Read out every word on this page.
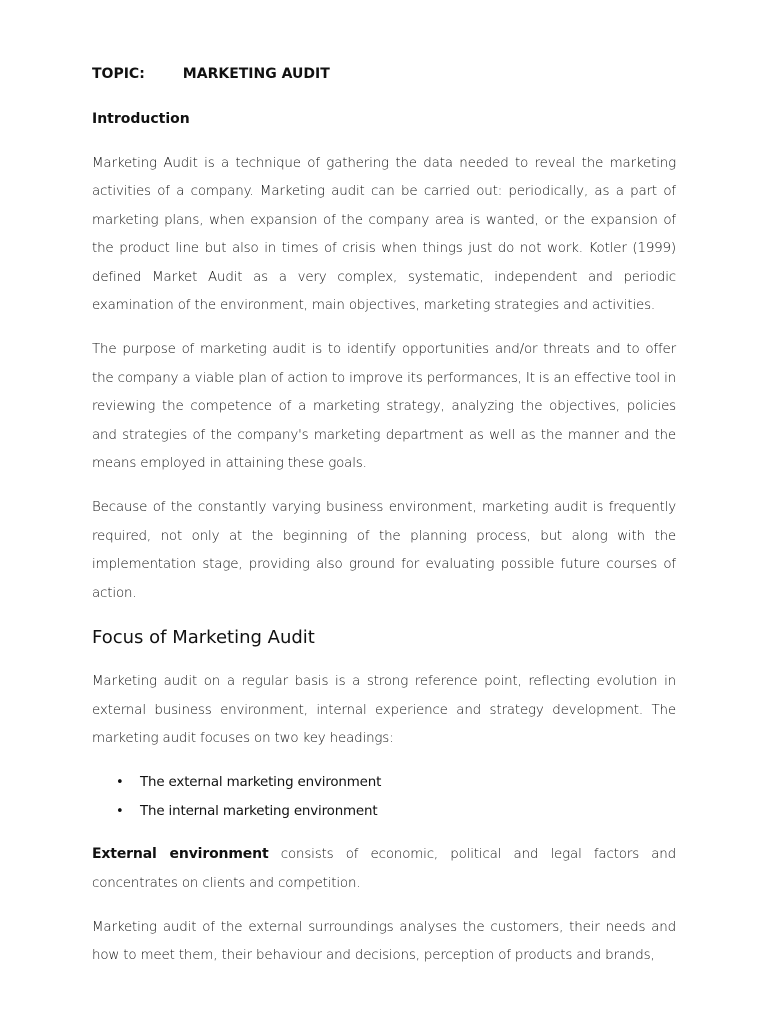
TOPIC:	MARKETING AUDIT
Introduction

Marketing Audit is a technique of gathering the data needed to reveal the marketing activities of a company. Marketing audit can be carried out: periodically, as a part of marketing plans, when expansion of the company area is wanted, or the expansion of the product line but also in times of crisis when things just do not work. Kotler (1999) defined Market Audit as a very complex, systematic, independent and periodic examination of the environment, main objectives, marketing strategies and activities.

The purpose of marketing audit is to identify opportunities and/or threats and to offer the company a viable plan of action to improve its performances, It is an effective tool in reviewing the competence of a marketing strategy, analyzing the objectives, policies and strategies of the company's marketing department as well as the manner and the means employed in attaining these goals.

Because of the constantly varying business environment, marketing audit is frequently required, not only at the beginning of the planning process, but along with the implementation stage, providing also ground for evaluating possible future courses of action.

Focus of Marketing Audit

Marketing audit on a regular basis is a strong reference point, reflecting evolution in external business environment, internal experience and strategy development. The marketing audit focuses on two key headings:

• The external marketing environment
• The internal marketing environment

External environment consists of economic, political and legal factors and concentrates on clients and competition.

Marketing audit of the external surroundings analyses the customers, their needs and how to meet them, their behaviour and decisions, perception of products and brands,
